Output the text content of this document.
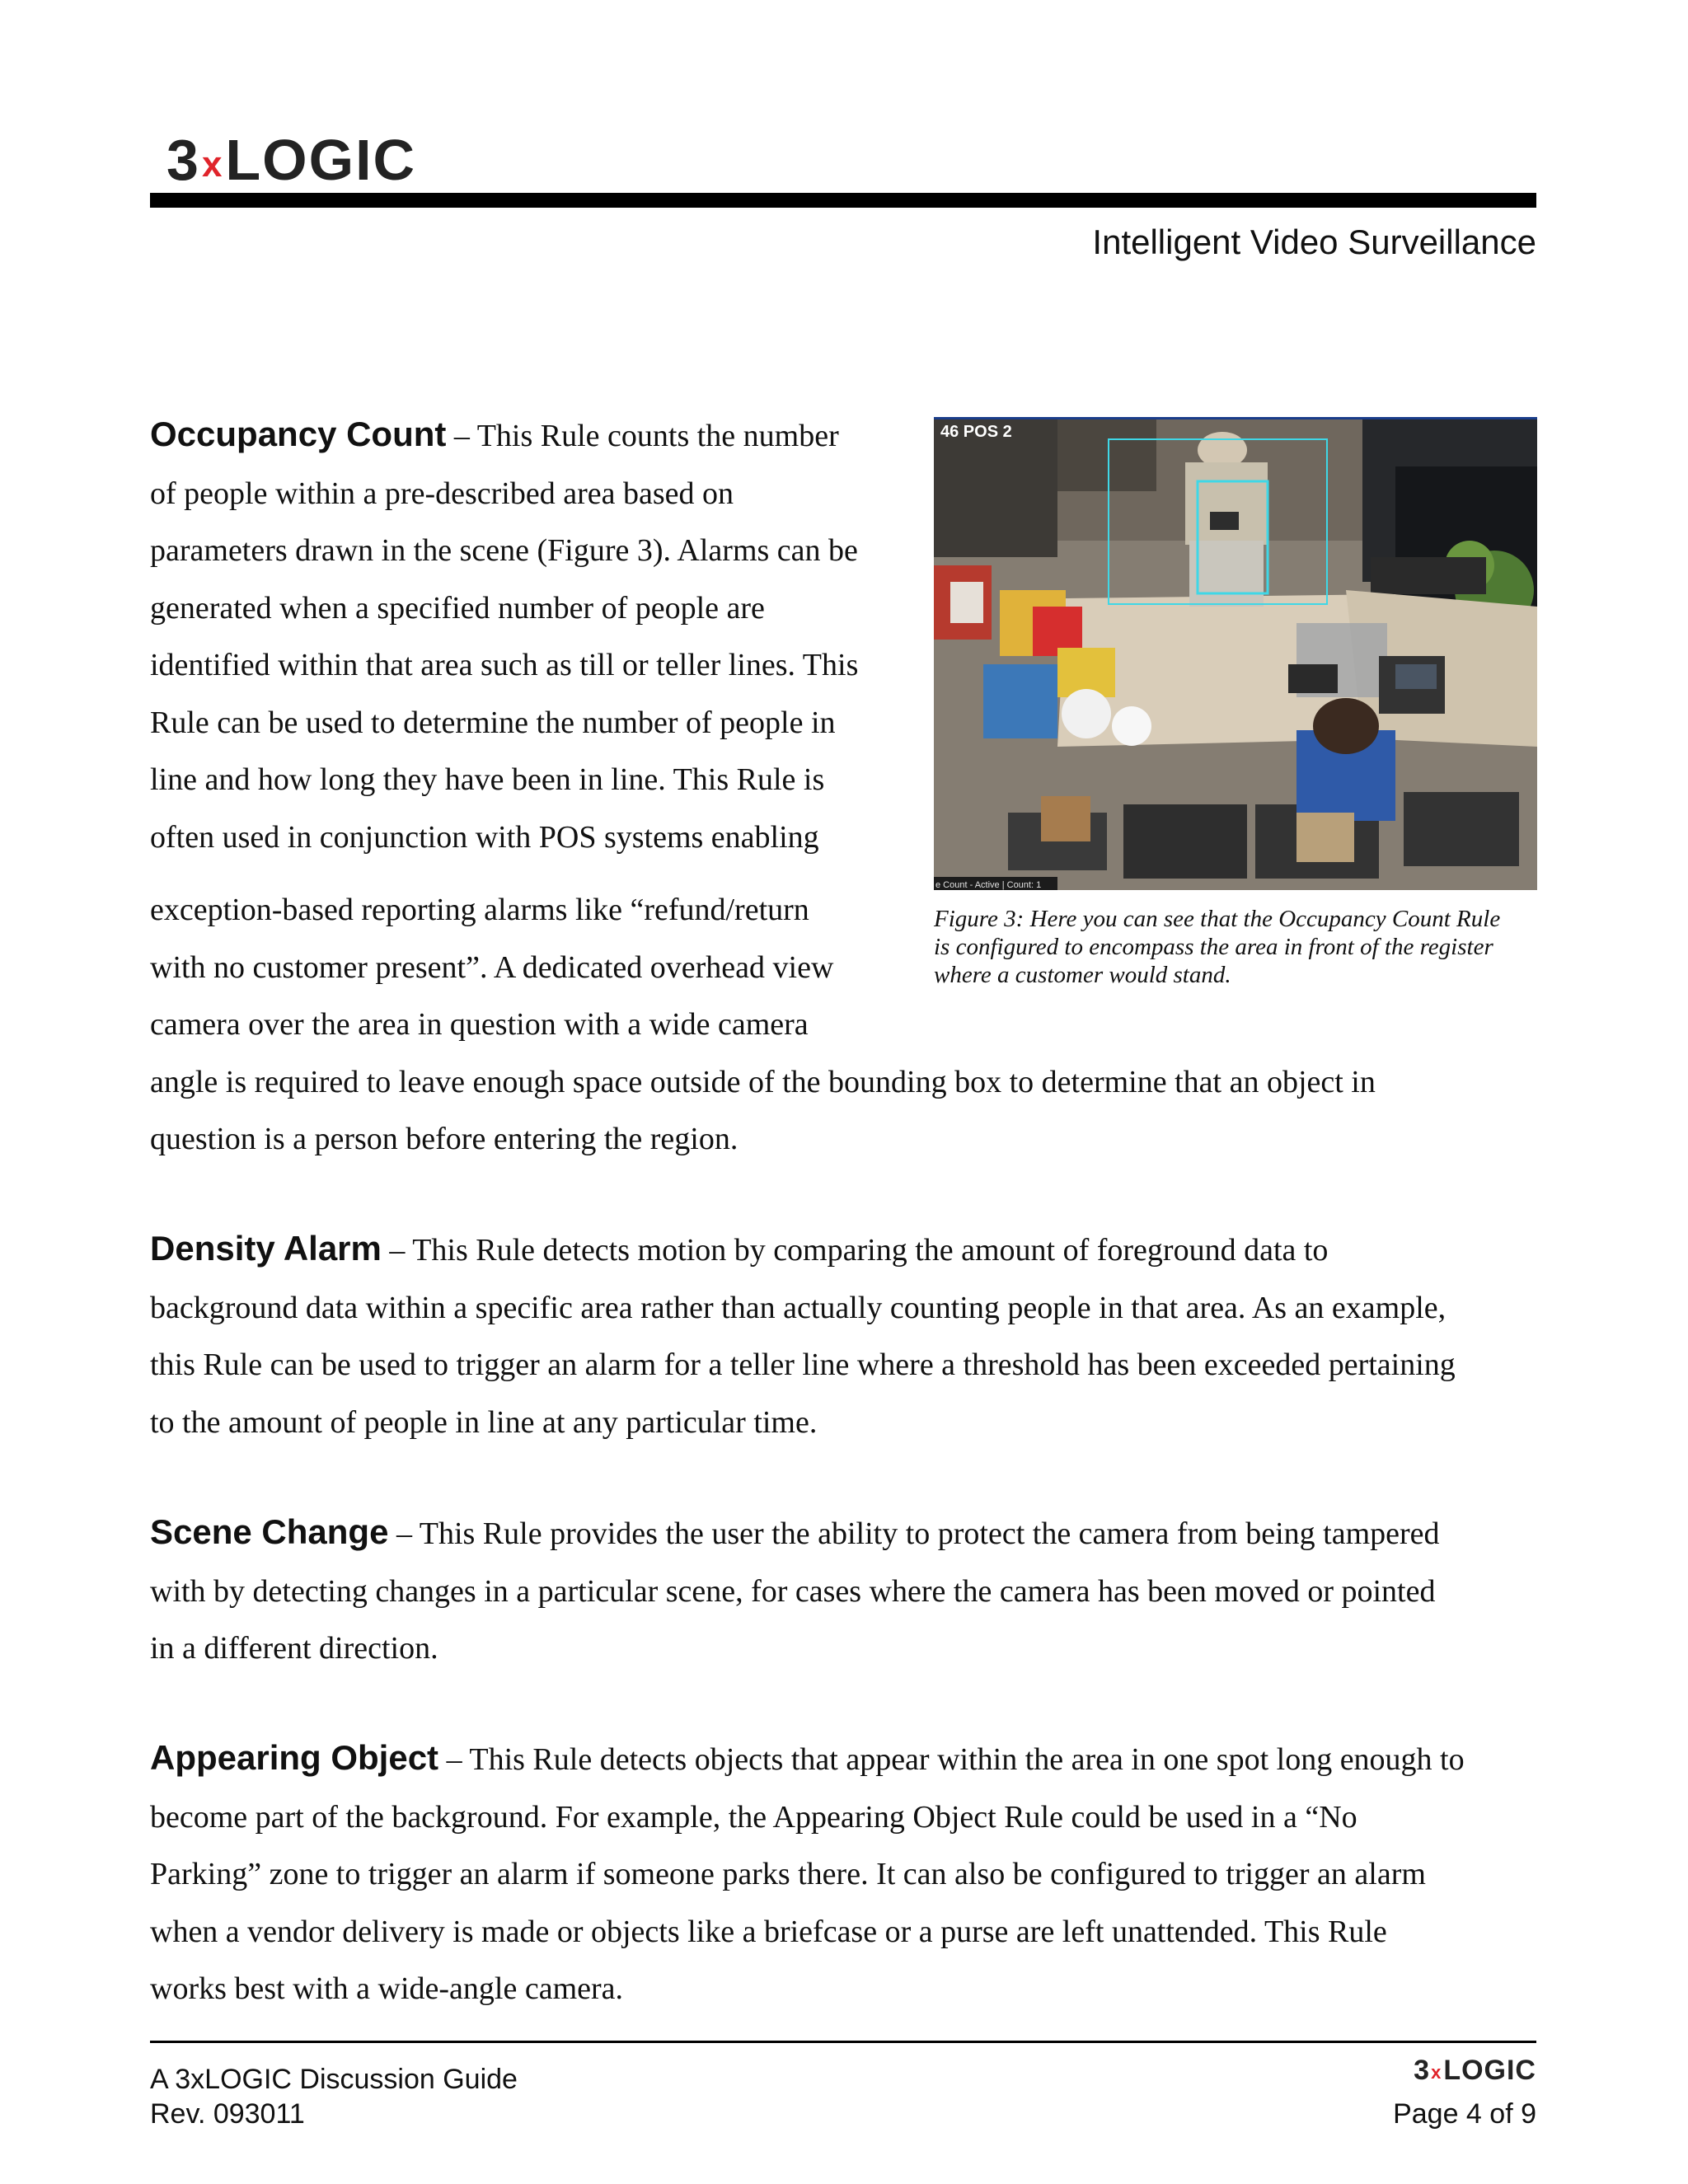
3 x LOGIC
Intelligent Video Surveillance
Occupancy Count – This Rule counts the number
of people within a pre-described area based on
parameters drawn in the scene (Figure 3). Alarms can be
generated when a specified number of people are
identified within that area such as till or teller lines. This
Rule can be used to determine the number of people in
line and how long they have been in line. This Rule is
often used in conjunction with POS systems enabling
exception-based reporting alarms like “refund/return
with no customer present”. A dedicated overhead view
camera over the area in question with a wide camera
angle is required to leave enough space outside of the bounding box to determine that an object in
question is a person before entering the region.
46 POS 2
e Count - Active | Count: 1
Figure 3: Here you can see that the Occupancy Count Rule
is configured to encompass the area in front of the register
where a customer would stand.
Density Alarm – This Rule detects motion by comparing the amount of foreground data to
background data within a specific area rather than actually counting people in that area. As an example,
this Rule can be used to trigger an alarm for a teller line where a threshold has been exceeded pertaining
to the amount of people in line at any particular time.
Scene Change – This Rule provides the user the ability to protect the camera from being tampered
with by detecting changes in a particular scene, for cases where the camera has been moved or pointed
in a different direction.
Appearing Object – This Rule detects objects that appear within the area in one spot long enough to
become part of the background. For example, the Appearing Object Rule could be used in a “No
Parking” zone to trigger an alarm if someone parks there. It can also be configured to trigger an alarm
when a vendor delivery is made or objects like a briefcase or a purse are left unattended. This Rule
works best with a wide-angle camera.
A 3xLOGIC Discussion Guide
Rev. 093011
3 x LOGIC
Page 4 of 9
